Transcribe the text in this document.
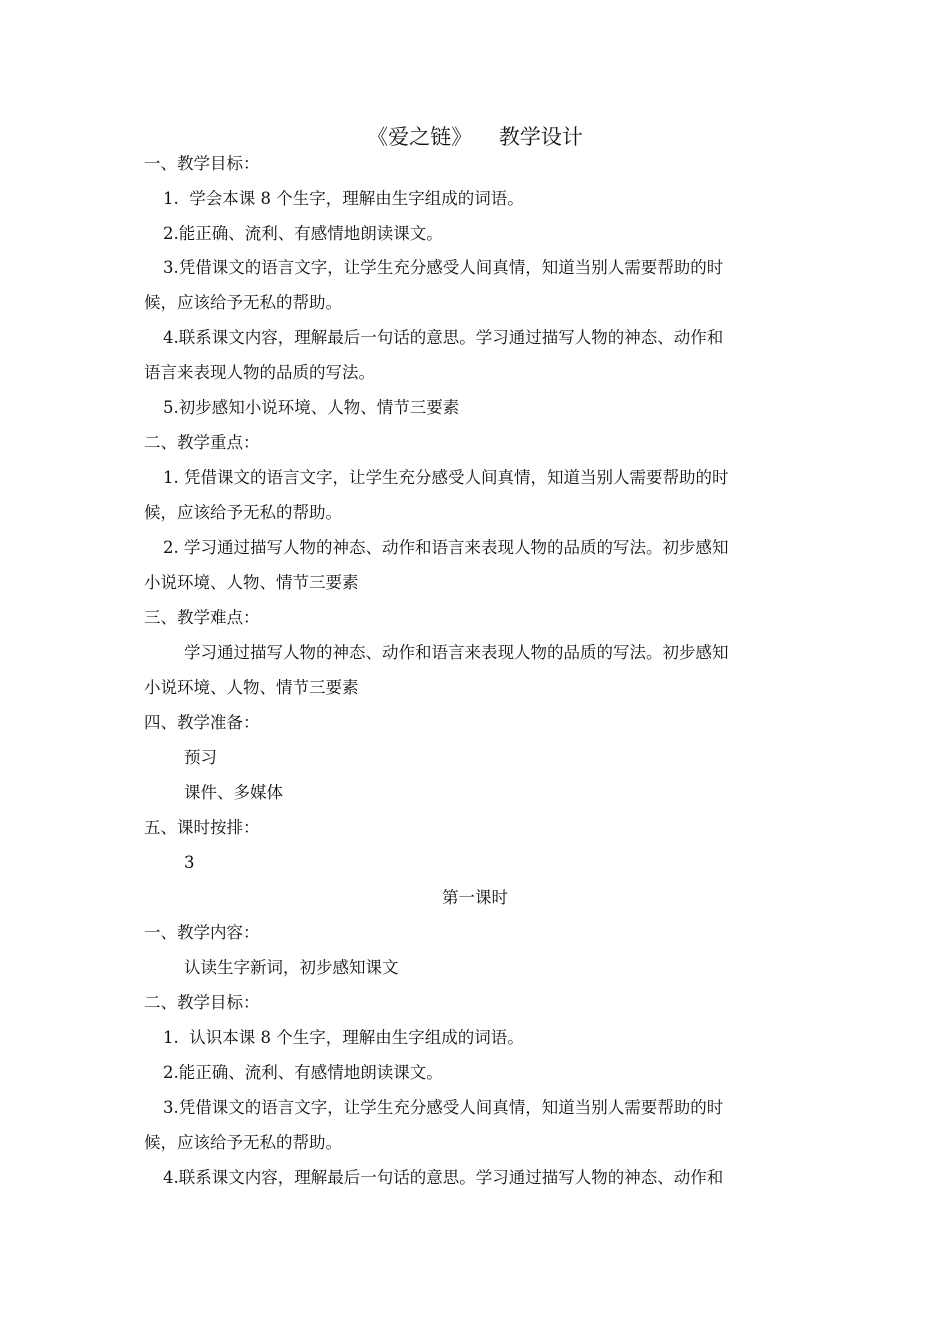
《爱之链》    教学设计
一、教学目标：
1.  学会本课 8 个生字，理解由生字组成的词语。
2.能正确、流利、有感情地朗读课文。
3.凭借课文的语言文字，让学生充分感受人间真情，知道当别人需要帮助的时
候，应该给予无私的帮助。
4.联系课文内容，理解最后一句话的意思。学习通过描写人物的神态、动作和
语言来表现人物的品质的写法。
5.初步感知小说环境、人物、情节三要素
二、教学重点：
1. 凭借课文的语言文字，让学生充分感受人间真情，知道当别人需要帮助的时
候，应该给予无私的帮助。
2. 学习通过描写人物的神态、动作和语言来表现人物的品质的写法。初步感知
小说环境、人物、情节三要素
三、教学难点：
学习通过描写人物的神态、动作和语言来表现人物的品质的写法。初步感知
小说环境、人物、情节三要素
四、教学准备：
预习
课件、多媒体
五、课时按排：
3
第一课时
一、教学内容：
认读生字新词，初步感知课文
二、教学目标：
1.  认识本课 8 个生字，理解由生字组成的词语。
2.能正确、流利、有感情地朗读课文。
3.凭借课文的语言文字，让学生充分感受人间真情，知道当别人需要帮助的时
候，应该给予无私的帮助。
4.联系课文内容，理解最后一句话的意思。学习通过描写人物的神态、动作和
